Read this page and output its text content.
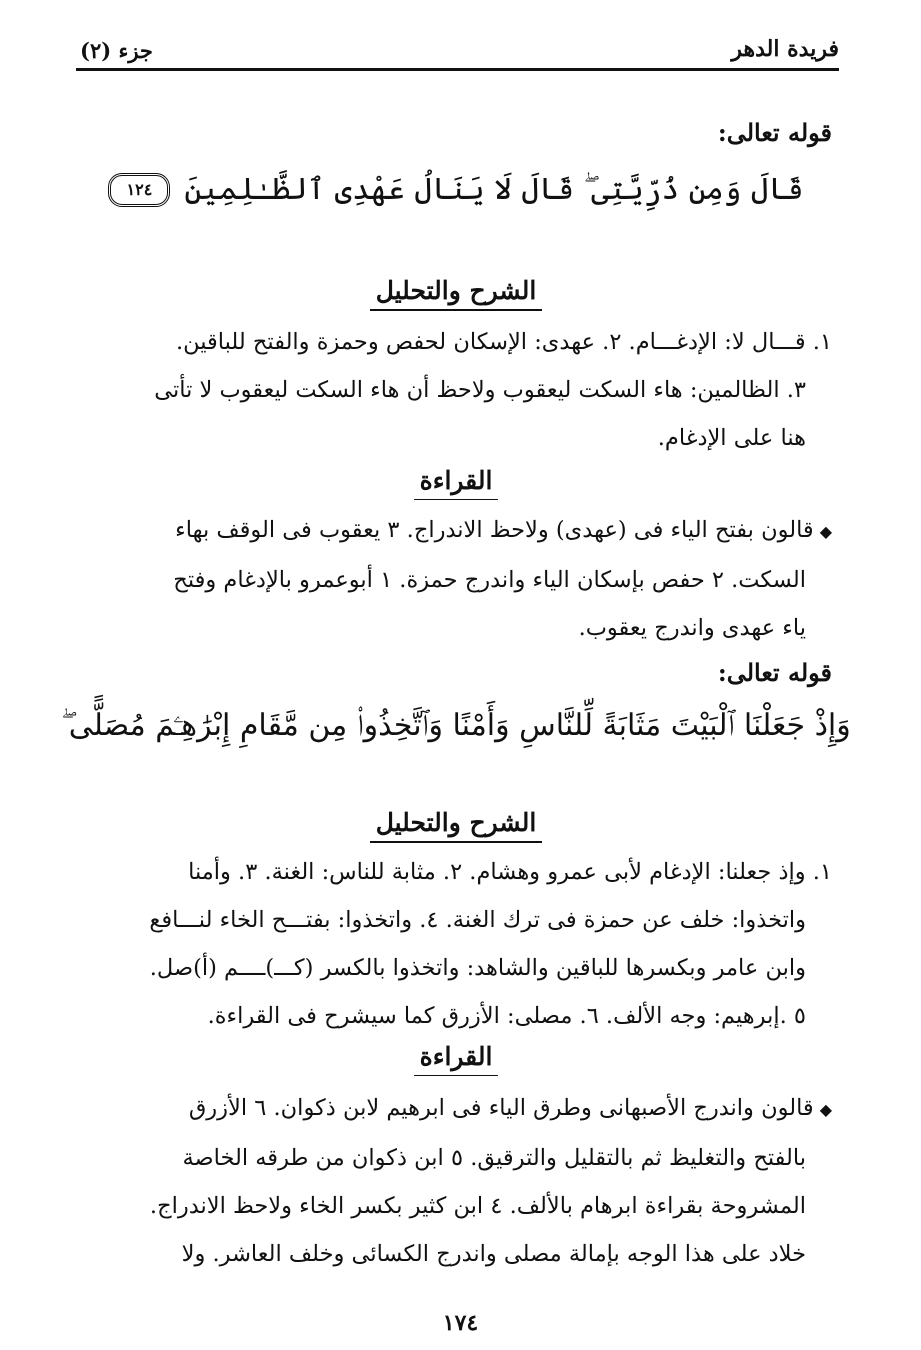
فريدة الدهر
جزء (٢)
قوله تعالى:
قَالَ وَمِن ذُرِّيَّتِى ۖ قَالَ لَا يَنَالُ عَهْدِى ٱلظَّـٰلِمِينَ
١٢٤
الشرح والتحليل
١. قـــال لا: الإدغـــام. ٢. عهدى: الإسكان لحفص وحمزة والفتح للباقين.
٣. الظالمين: هاء السكت ليعقوب ولاحظ أن هاء السكت ليعقوب لا تأتى
هنا على الإدغام.
القراءة
◆قالون بفتح الياء فى (عهدى) ولاحظ الاندراج. ٣ يعقوب فى الوقف بهاء
السكت. ٢ حفص بإسكان الياء واندرج حمزة. ١ أبوعمرو بالإدغام وفتح
ياء عهدى واندرج يعقوب.
قوله تعالى:
وَإِذْ جَعَلْنَا ٱلْبَيْتَ مَثَابَةً لِّلنَّاسِ وَأَمْنًا وَٱتَّخِذُوا۟ مِن مَّقَامِ إِبْرَٰهِـۧمَ مُصَلًّى ۖ
الشرح والتحليل
١. وإذ جعلنا: الإدغام لأبى عمرو وهشام. ٢. مثابة للناس: الغنة. ٣. وأمنا
واتخذوا: خلف عن حمزة فى ترك الغنة. ٤. واتخذوا: بفتـــح الخاء لنـــافع
وابن عامر وبكسرها للباقين والشاهد: واتخذوا بالكسر (كـــ)ــــم (أ)صل.
٥ .إبرهيم: وجه الألف. ٦. مصلى: الأزرق كما سيشرح فى القراءة.
القراءة
◆قالون واندرج الأصبهانى وطرق الياء فى ابرهيم لابن ذكوان. ٦ الأزرق
بالفتح والتغليظ ثم بالتقليل والترقيق. ٥ ابن ذكوان من طرقه الخاصة
المشروحة بقراءة ابرهام بالألف. ٤ ابن كثير بكسر الخاء ولاحظ الاندراج.
خلاد على هذا الوجه بإمالة مصلى واندرج الكسائى وخلف العاشر. ولا
١٧٤
